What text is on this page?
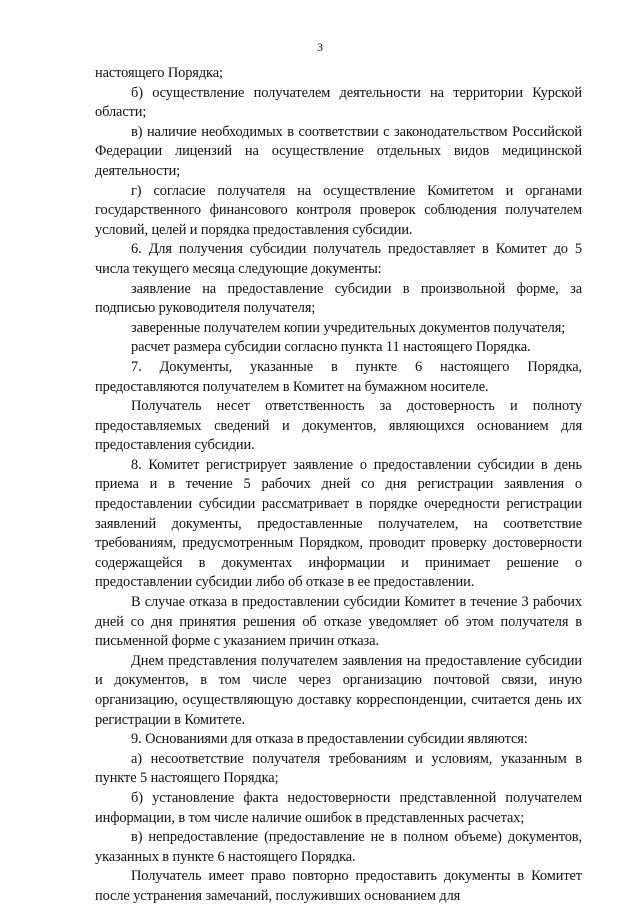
3

настоящего Порядка;

б) осуществление получателем деятельности на территории Курской области;

в) наличие необходимых в соответствии с законодательством Российской Федерации лицензий на осуществление отдельных видов медицинской деятельности;

г) согласие получателя на осуществление Комитетом и органами государственного финансового контроля проверок соблюдения получателем условий, целей и порядка предоставления субсидии.

6. Для получения субсидии получатель предоставляет в Комитет до 5 числа текущего месяца следующие документы:

заявление на предоставление субсидии в произвольной форме, за подписью руководителя получателя;

заверенные получателем копии учредительных документов получателя;

расчет размера субсидии согласно пункта 11 настоящего Порядка.

7. Документы, указанные в пункте 6 настоящего Порядка, предоставляются получателем в Комитет на бумажном носителе.

Получатель несет ответственность за достоверность и полноту предоставляемых сведений и документов, являющихся основанием для предоставления субсидии.

8. Комитет регистрирует заявление о предоставлении субсидии в день приема и в течение 5 рабочих дней со дня регистрации заявления о предоставлении субсидии рассматривает в порядке очередности регистрации заявлений документы, предоставленные получателем, на соответствие требованиям, предусмотренным Порядком, проводит проверку достоверности содержащейся в документах информации и принимает решение о предоставлении субсидии либо об отказе в ее предоставлении.

В случае отказа в предоставлении субсидии Комитет в течение 3 рабочих дней со дня принятия решения об отказе уведомляет об этом получателя в письменной форме с указанием причин отказа.

Днем представления получателем заявления на предоставление субсидии и документов, в том числе через организацию почтовой связи, иную организацию, осуществляющую доставку корреспонденции, считается день их регистрации в Комитете.

9. Основаниями для отказа в предоставлении субсидии являются:

а) несоответствие получателя требованиям и условиям, указанным в пункте 5 настоящего Порядка;

б) установление факта недостоверности представленной получателем информации, в том числе наличие ошибок в представленных расчетах;

в) непредоставление (предоставление не в полном объеме) документов, указанных в пункте 6 настоящего Порядка.

Получатель имеет право повторно предоставить документы в Комитет после устранения замечаний, послуживших основанием для
